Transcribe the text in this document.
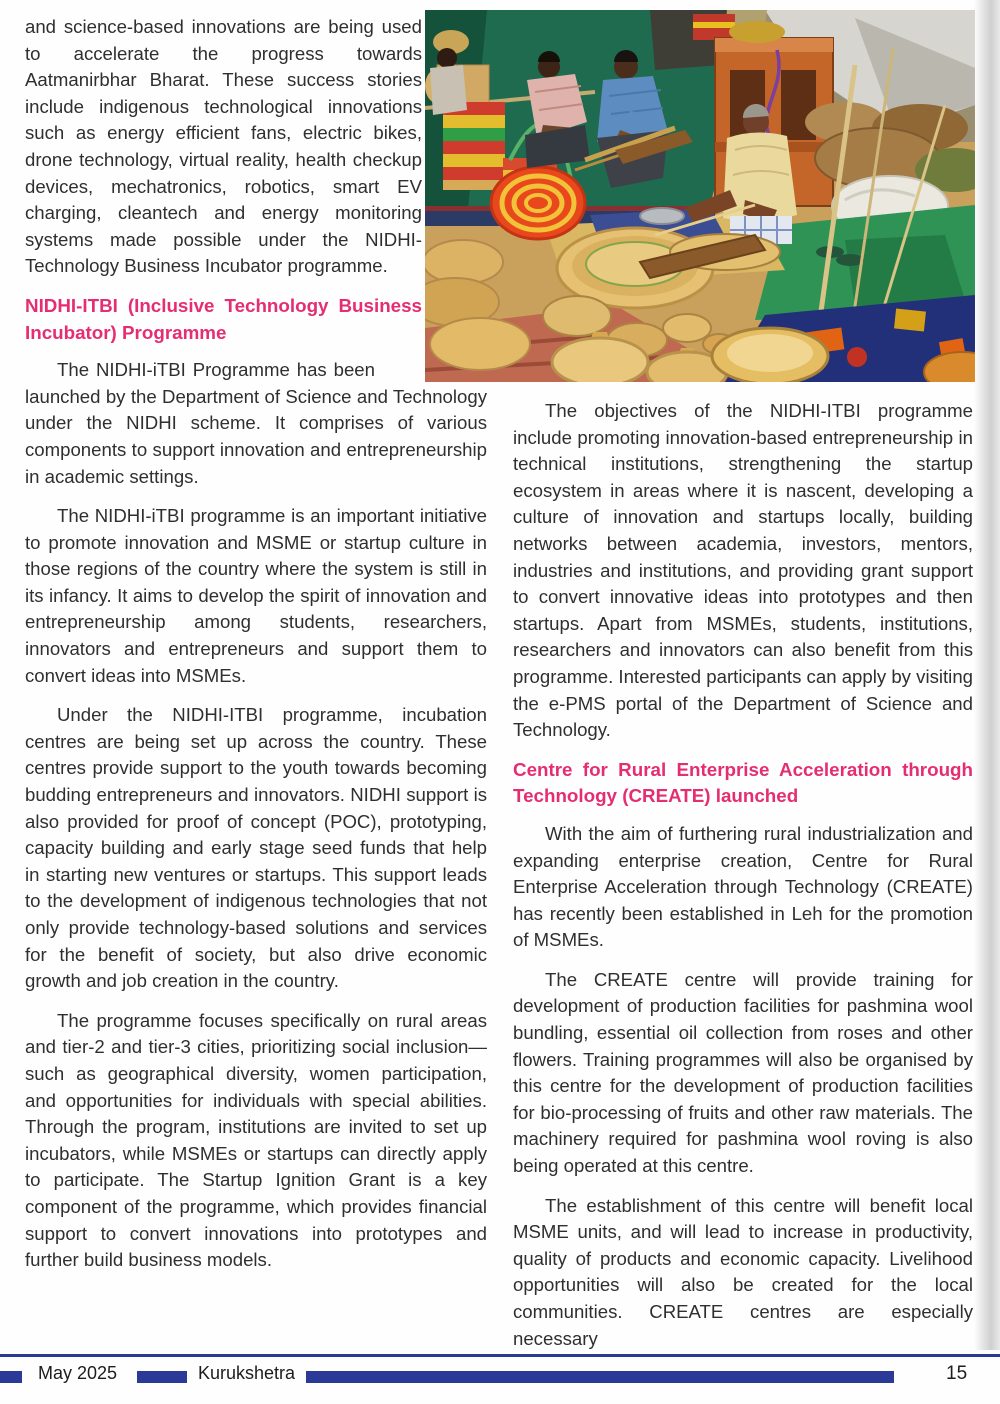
and science-based innovations are being used to accelerate the progress towards Aatmanirbhar Bharat. These success stories include indigenous technological innovations such as energy efficient fans, electric bikes, drone technology, virtual reality, health checkup devices, mechatronics, robotics, smart EV charging, cleantech and energy monitoring systems made possible under the NIDHI-Technology Business Incubator programme.

NIDHI-ITBI (Inclusive Technology Business Incubator) Programme

The NIDHI-iTBI Programme has been launched by the Department of Science and Technology under the NIDHI scheme. It comprises of various components to support innovation and entrepreneurship in academic settings.

The NIDHI-iTBI programme is an important initiative to promote innovation and MSME or startup culture in those regions of the country where the system is still in its infancy. It aims to develop the spirit of innovation and entrepreneurship among students, researchers, innovators and entrepreneurs and support them to convert ideas into MSMEs.

Under the NIDHI-ITBI programme, incubation centres are being set up across the country. These centres provide support to the youth towards becoming budding entrepreneurs and innovators. NIDHI support is also provided for proof of concept (POC), prototyping, capacity building and early stage seed funds that help in starting new ventures or startups. This support leads to the development of indigenous technologies that not only provide technology-based solutions and services for the benefit of society, but also drive economic growth and job creation in the country.

The programme focuses specifically on rural areas and tier-2 and tier-3 cities, prioritizing social inclusion—such as geographical diversity, women participation, and opportunities for individuals with special abilities. Through the program, institutions are invited to set up incubators, while MSMEs or startups can directly apply to participate. The Startup Ignition Grant is a key component of the programme, which provides financial support to convert innovations into prototypes and further build business models.

The objectives of the NIDHI-ITBI programme include promoting innovation-based entrepreneurship in technical institutions, strengthening the startup ecosystem in areas where it is nascent, developing a culture of innovation and startups locally, building networks between academia, investors, mentors, industries and institutions, and providing grant support to convert innovative ideas into prototypes and then startups. Apart from MSMEs, students, institutions, researchers and innovators can also benefit from this programme. Interested participants can apply by visiting the e-PMS portal of the Department of Science and Technology.

Centre for Rural Enterprise Acceleration through Technology (CREATE) launched

With the aim of furthering rural industrialization and expanding enterprise creation, Centre for Rural Enterprise Acceleration through Technology (CREATE) has recently been established in Leh for the promotion of MSMEs.

The CREATE centre will provide training for development of production facilities for pashmina wool bundling, essential oil collection from roses and other flowers. Training programmes will also be organised by this centre for the development of production facilities for bio-processing of fruits and other raw materials. The machinery required for pashmina wool roving is also being operated at this centre.

The establishment of this centre will benefit local MSME units, and will lead to increase in productivity, quality of products and economic capacity. Livelihood opportunities will also be created for the local communities. CREATE centres are especially necessary

May 2025	Kurukshetra	15
